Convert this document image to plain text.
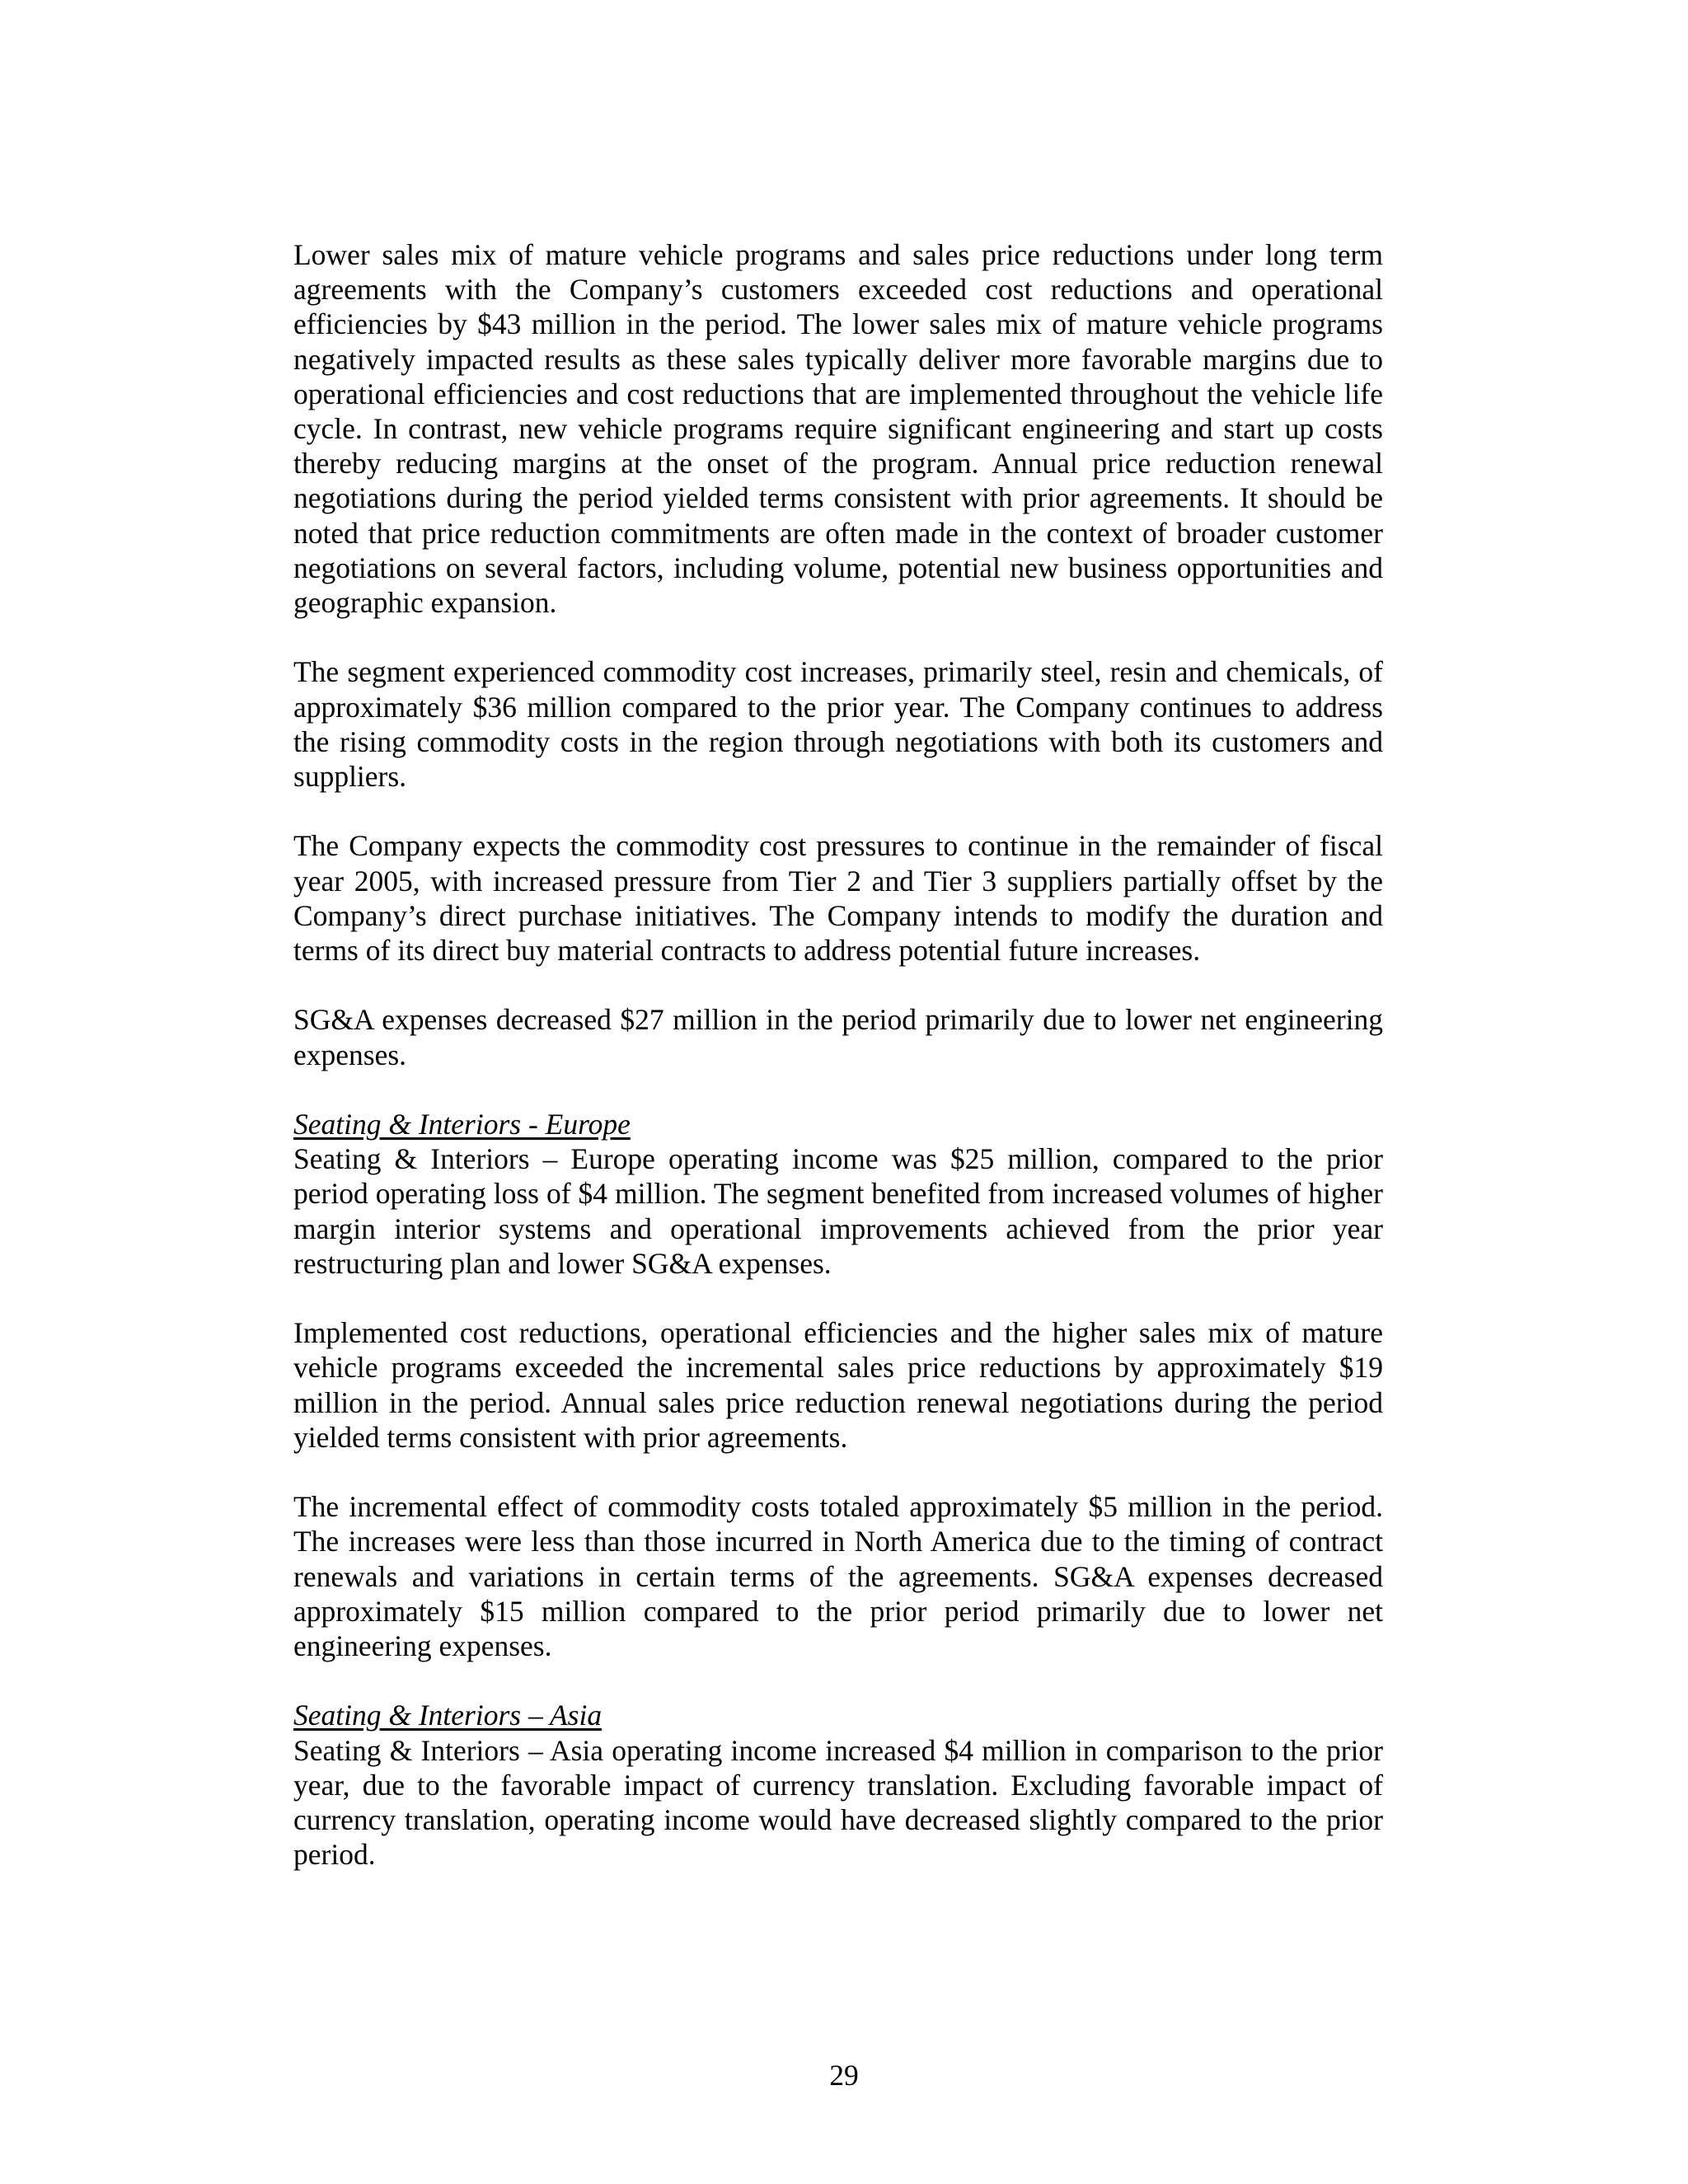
Lower sales mix of mature vehicle programs and sales price reductions under long term agreements with the Company’s customers exceeded cost reductions and operational efficiencies by $43 million in the period. The lower sales mix of mature vehicle programs negatively impacted results as these sales typically deliver more favorable margins due to operational efficiencies and cost reductions that are implemented throughout the vehicle life cycle. In contrast, new vehicle programs require significant engineering and start up costs thereby reducing margins at the onset of the program. Annual price reduction renewal negotiations during the period yielded terms consistent with prior agreements. It should be noted that price reduction commitments are often made in the context of broader customer negotiations on several factors, including volume, potential new business opportunities and geographic expansion.

The segment experienced commodity cost increases, primarily steel, resin and chemicals, of approximately $36 million compared to the prior year. The Company continues to address the rising commodity costs in the region through negotiations with both its customers and suppliers.

The Company expects the commodity cost pressures to continue in the remainder of fiscal year 2005, with increased pressure from Tier 2 and Tier 3 suppliers partially offset by the Company’s direct purchase initiatives. The Company intends to modify the duration and terms of its direct buy material contracts to address potential future increases.

SG&A expenses decreased $27 million in the period primarily due to lower net engineering expenses.

Seating & Interiors - Europe

Seating & Interiors – Europe operating income was $25 million, compared to the prior period operating loss of $4 million. The segment benefited from increased volumes of higher margin interior systems and operational improvements achieved from the prior year restructuring plan and lower SG&A expenses.

Implemented cost reductions, operational efficiencies and the higher sales mix of mature vehicle programs exceeded the incremental sales price reductions by approximately $19 million in the period. Annual sales price reduction renewal negotiations during the period yielded terms consistent with prior agreements.

The incremental effect of commodity costs totaled approximately $5 million in the period. The increases were less than those incurred in North America due to the timing of contract renewals and variations in certain terms of the agreements. SG&A expenses decreased approximately $15 million compared to the prior period primarily due to lower net engineering expenses.

Seating & Interiors – Asia

Seating & Interiors – Asia operating income increased $4 million in comparison to the prior year, due to the favorable impact of currency translation. Excluding favorable impact of currency translation, operating income would have decreased slightly compared to the prior period.

29
